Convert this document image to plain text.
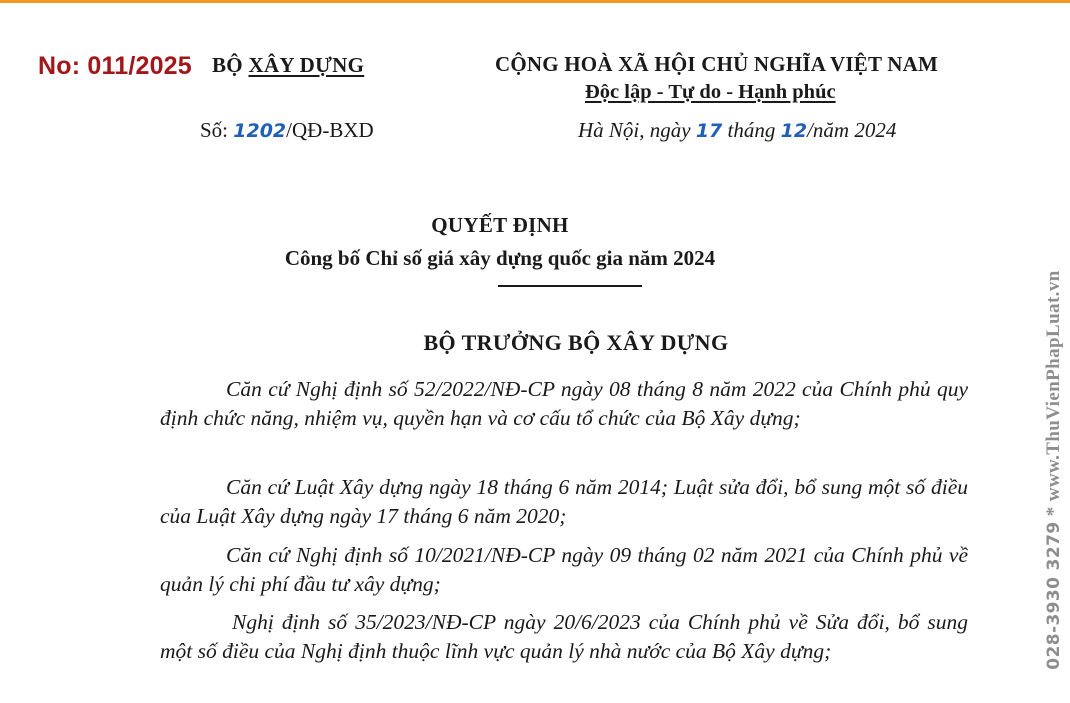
No: 011/2025 BỘ XÂY DỰNG
Số: 1202/QĐ-BXD
CỘNG HOÀ XÃ HỘI CHỦ NGHĨA VIỆT NAM
Độc lập - Tự do - Hạnh phúc
Hà Nội, ngày 17 tháng 12/năm 2024
QUYẾT ĐỊNH
Công bố Chỉ số giá xây dựng quốc gia năm 2024
BỘ TRƯỞNG BỘ XÂY DỰNG
Căn cứ Nghị định số 52/2022/NĐ-CP ngày 08 tháng 8 năm 2022 của Chính phủ quy định chức năng, nhiệm vụ, quyền hạn và cơ cấu tổ chức của Bộ Xây dựng;
Căn cứ Luật Xây dựng ngày 18 tháng 6 năm 2014; Luật sửa đổi, bổ sung một số điều của Luật Xây dựng ngày 17 tháng 6 năm 2020;
Căn cứ Nghị định số 10/2021/NĐ-CP ngày 09 tháng 02 năm 2021 của Chính phủ về quản lý chi phí đầu tư xây dựng;
Nghị định số 35/2023/NĐ-CP ngày 20/6/2023 của Chính phủ về Sửa đổi, bổ sung một số điều của Nghị định thuộc lĩnh vực quản lý nhà nước của Bộ Xây dựng;	028-3930 3279 * www.ThuVienPhapLuat.vn
